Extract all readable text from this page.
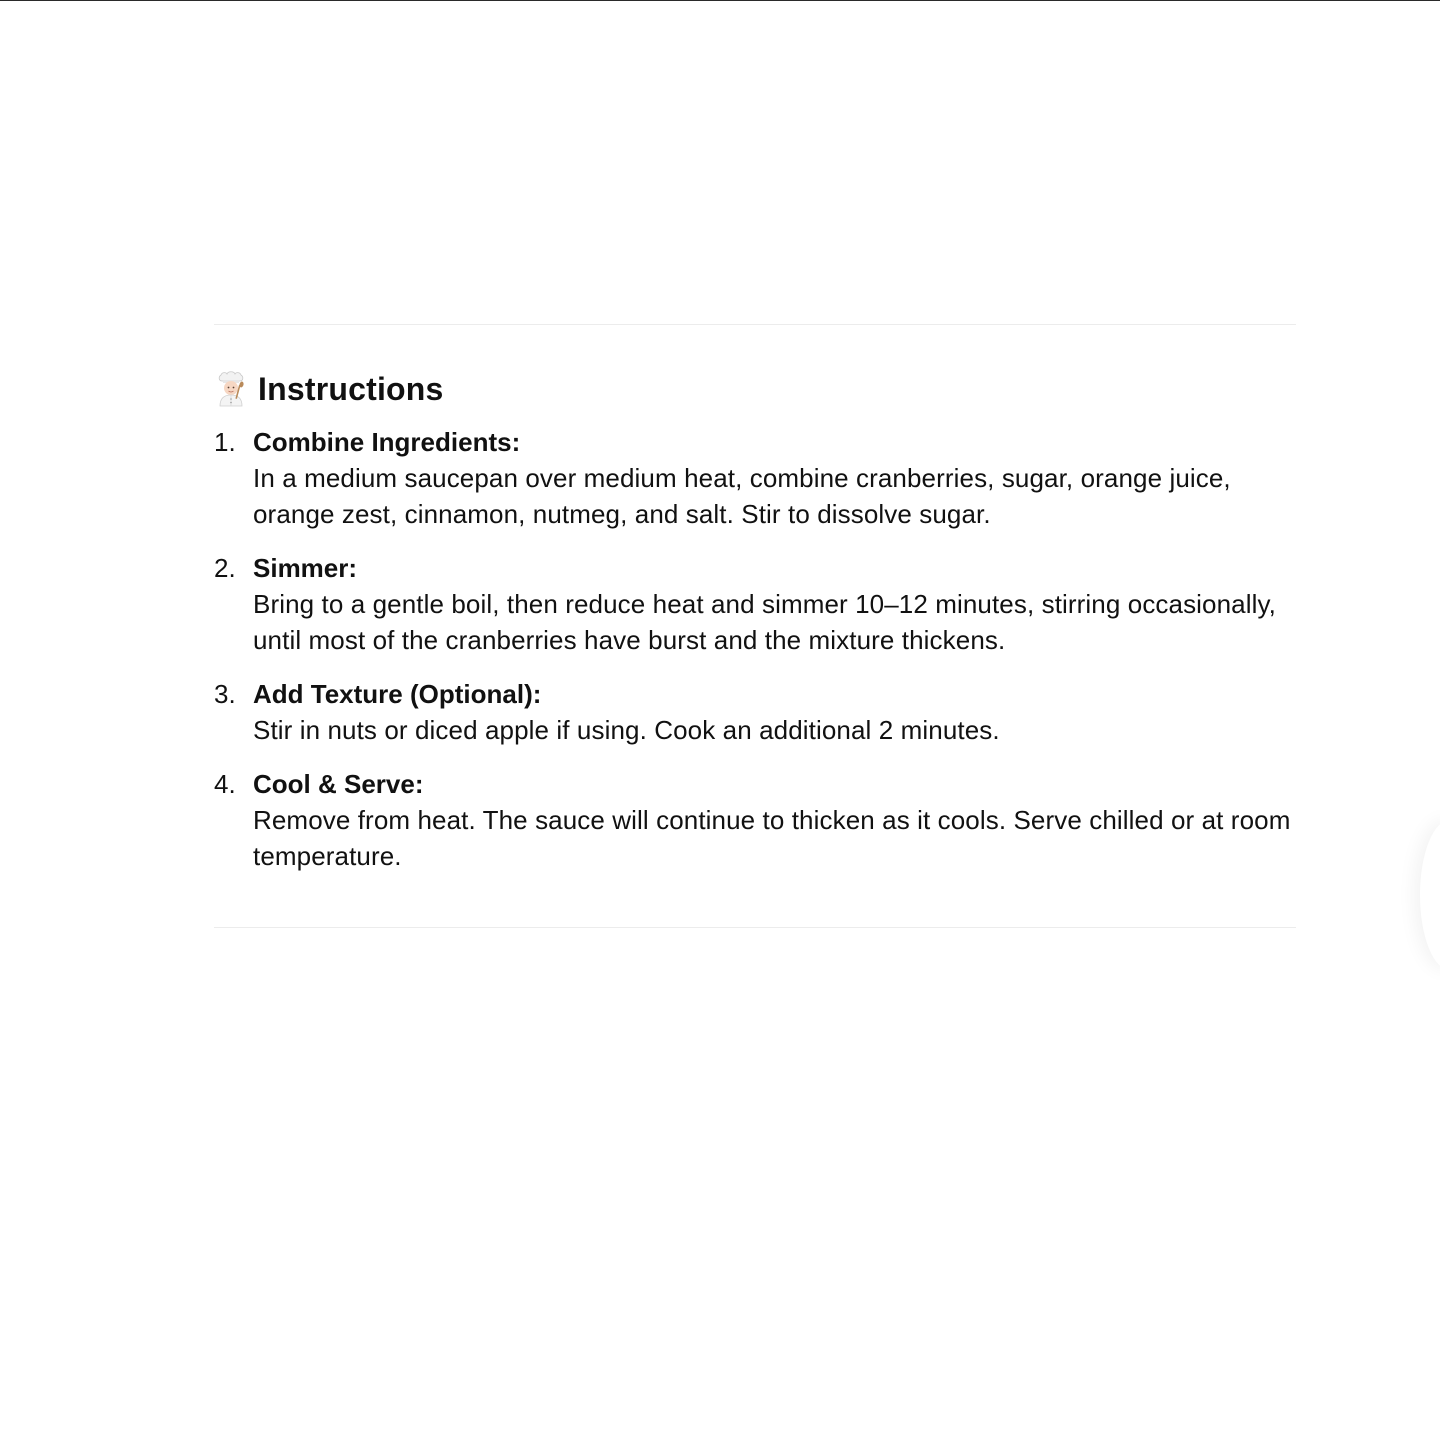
Instructions
1. Combine Ingredients:
In a medium saucepan over medium heat, combine cranberries, sugar, orange juice, orange zest, cinnamon, nutmeg, and salt. Stir to dissolve sugar.
2. Simmer:
Bring to a gentle boil, then reduce heat and simmer 10–12 minutes, stirring occasionally, until most of the cranberries have burst and the mixture thickens.
3. Add Texture (Optional):
Stir in nuts or diced apple if using. Cook an additional 2 minutes.
4. Cool & Serve:
Remove from heat. The sauce will continue to thicken as it cools. Serve chilled or at room temperature.
